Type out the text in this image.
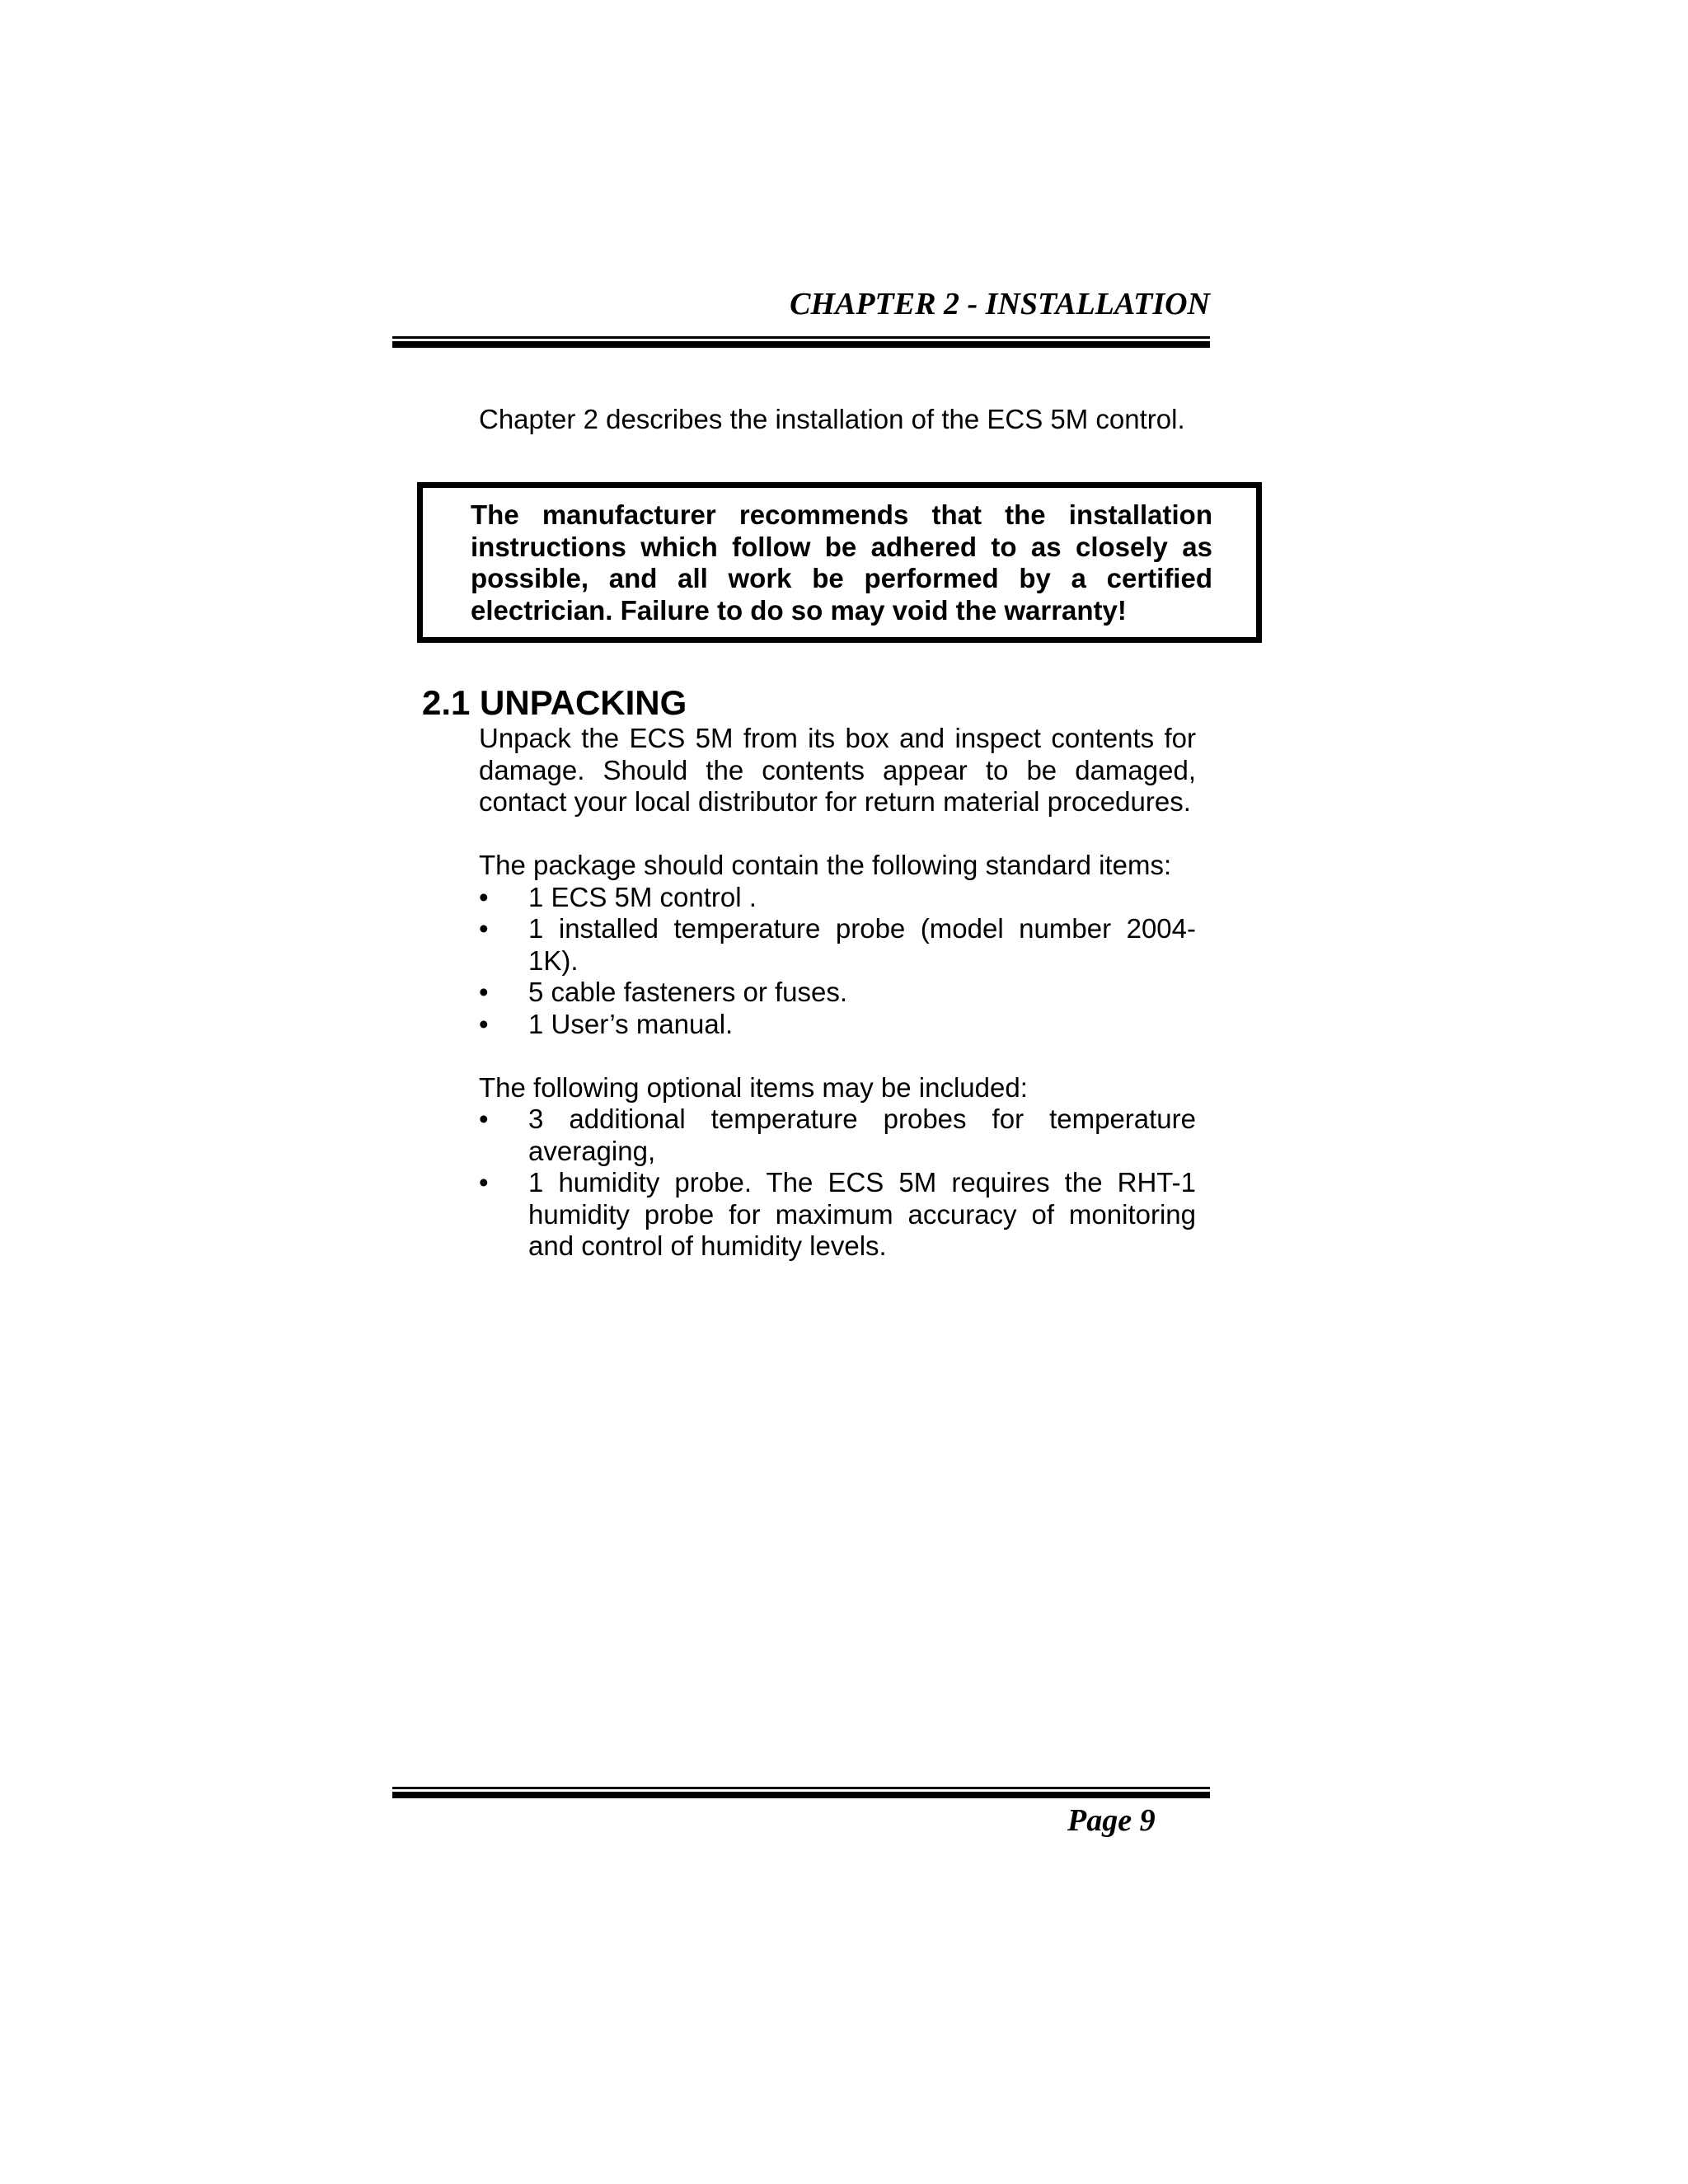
CHAPTER 2 - INSTALLATION
Chapter 2 describes the installation of the ECS 5M control.
The manufacturer recommends that the installation instructions which follow be adhered to as closely as possible, and all work be performed by a certified electrician. Failure to do so may void the warranty!
2.1 UNPACKING

Unpack the ECS 5M from its box and inspect contents for damage. Should the contents appear to be damaged, contact your local distributor for return material procedures.

The package should contain the following standard items:

• 1 ECS 5M control .
• 1 installed temperature probe (model number 2004-1K).
• 5 cable fasteners or fuses.
• 1 User’s manual.

The following optional items may be included:

• 3 additional temperature probes for temperature averaging,
• 1 humidity probe. The ECS 5M requires the RHT-1 humidity probe for maximum accuracy of monitoring and control of humidity levels.
Page 9
